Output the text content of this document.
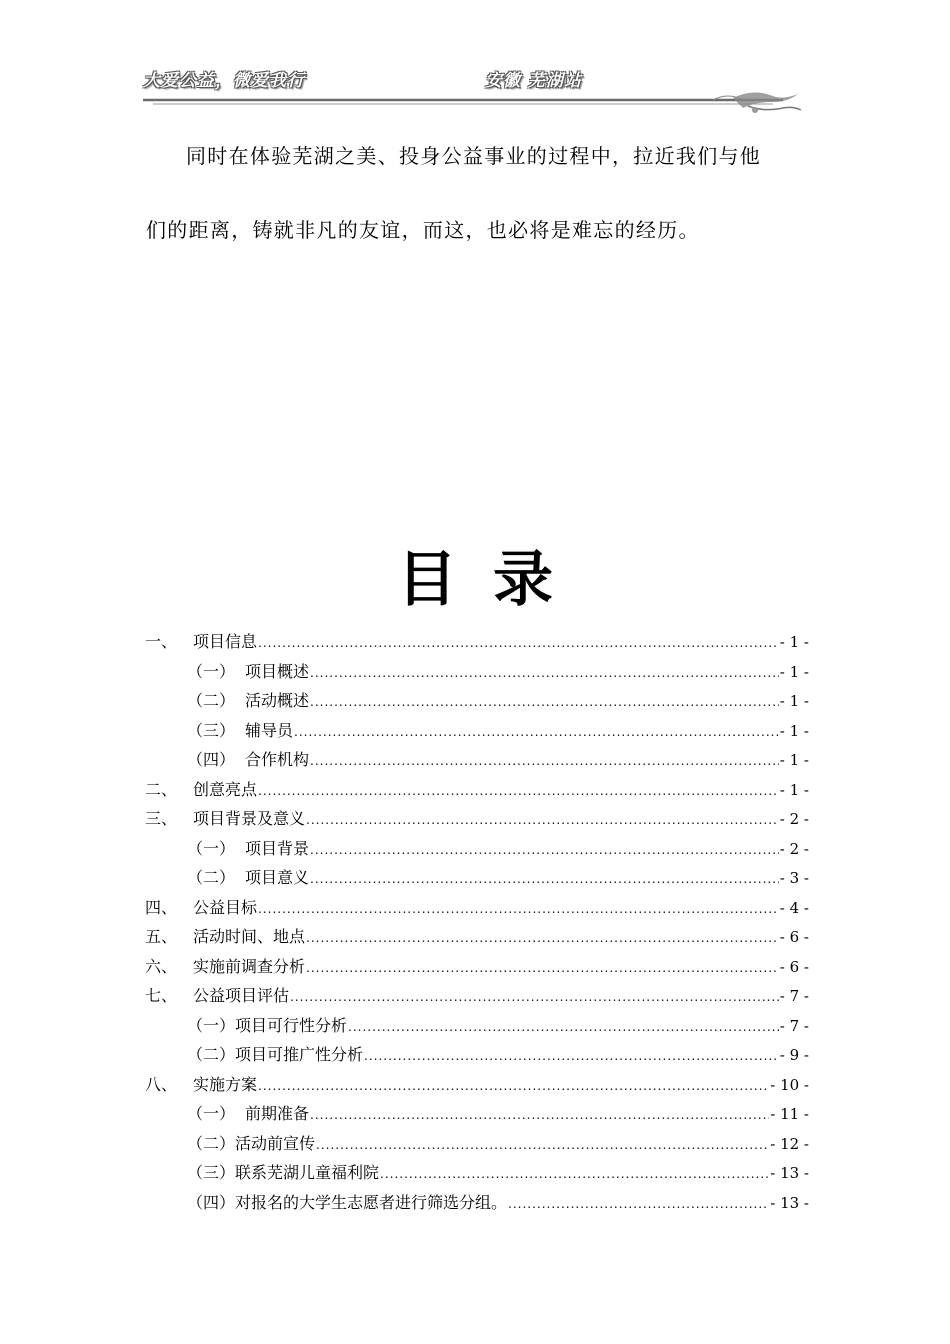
大爱公益，微爱我行	安徽 芜湖站
同时在体验芜湖之美、投身公益事业的过程中，拉近我们与他
们的距离，铸就非凡的友谊，而这，也必将是难忘的经历。
目录
一、 项目信息 .....	- 1 -
（一） 项目概述 .....	- 1 -
（二） 活动概述 .....	- 1 -
（三） 辅导员 .....	- 1 -
（四） 合作机构 .....	- 1 -
二、 创意亮点 .....	- 1 -
三、 项目背景及意义 .....	- 2 -
（一） 项目背景 .....	- 2 -
（二） 项目意义 .....	- 3 -
四、 公益目标 .....	- 4 -
五、 活动时间、地点 .....	- 6 -
六、 实施前调查分析 .....	- 6 -
七、 公益项目评估 .....	- 7 -
（一） 项目可行性分析 .....	- 7 -
（二） 项目可推广性分析 .....	- 9 -
八、 实施方案 .....	- 10 -
（一） 前期准备 .....	- 11 -
（二） 活动前宣传 .....	- 12 -
（三） 联系芜湖儿童福利院 .....	- 13 -
（四） 对报名的大学生志愿者进行筛选分组。 .....	- 13 -
